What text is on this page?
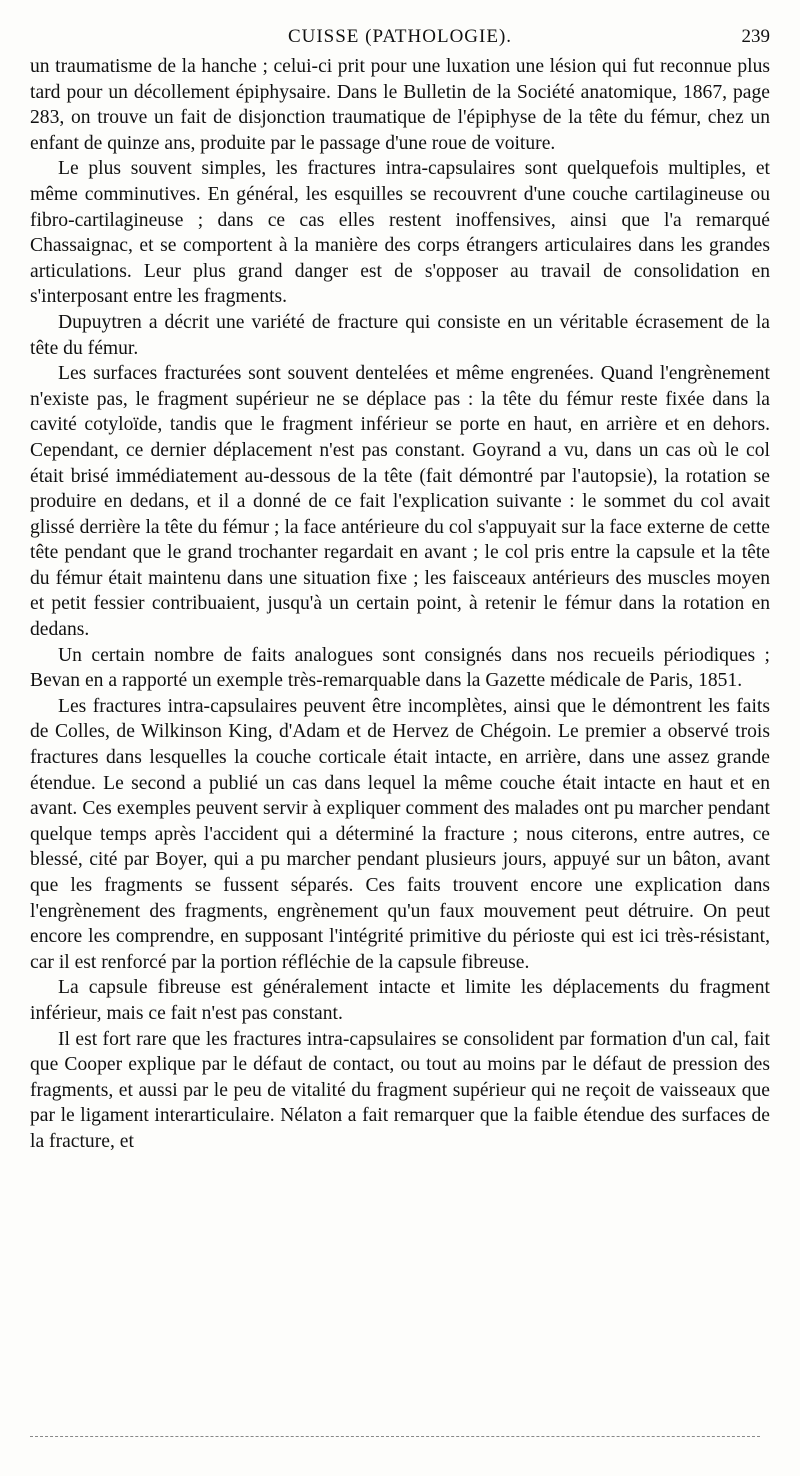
CUISSE (PATHOLOGIE).	239

un traumatisme de la hanche ; celui-ci prit pour une luxation une lésion qui fut reconnue plus tard pour un décollement épiphysaire. Dans le Bulletin de la Société anatomique, 1867, page 283, on trouve un fait de disjonction traumatique de l'épiphyse de la tête du fémur, chez un enfant de quinze ans, produite par le passage d'une roue de voiture.

Le plus souvent simples, les fractures intra-capsulaires sont quelquefois multiples, et même comminutives. En général, les esquilles se recouvrent d'une couche cartilagineuse ou fibro-cartilagineuse ; dans ce cas elles restent inoffensives, ainsi que l'a remarqué Chassaignac, et se comportent à la manière des corps étrangers articulaires dans les grandes articulations. Leur plus grand danger est de s'opposer au travail de consolidation en s'interposant entre les fragments.

Dupuytren a décrit une variété de fracture qui consiste en un véritable écrasement de la tête du fémur.

Les surfaces fracturées sont souvent dentelées et même engrenées. Quand l'engrènement n'existe pas, le fragment supérieur ne se déplace pas : la tête du fémur reste fixée dans la cavité cotyloïde, tandis que le fragment inférieur se porte en haut, en arrière et en dehors. Cependant, ce dernier déplacement n'est pas constant. Goyrand a vu, dans un cas où le col était brisé immédiatement au-dessous de la tête (fait démontré par l'autopsie), la rotation se produire en dedans, et il a donné de ce fait l'explication suivante : le sommet du col avait glissé derrière la tête du fémur ; la face antérieure du col s'appuyait sur la face externe de cette tête pendant que le grand trochanter regardait en avant ; le col pris entre la capsule et la tête du fémur était maintenu dans une situation fixe ; les faisceaux antérieurs des muscles moyen et petit fessier contribuaient, jusqu'à un certain point, à retenir le fémur dans la rotation en dedans.

Un certain nombre de faits analogues sont consignés dans nos recueils périodiques ; Bevan en a rapporté un exemple très-remarquable dans la Gazette médicale de Paris, 1851.

Les fractures intra-capsulaires peuvent être incomplètes, ainsi que le démontrent les faits de Colles, de Wilkinson King, d'Adam et de Hervez de Chégoin. Le premier a observé trois fractures dans lesquelles la couche corticale était intacte, en arrière, dans une assez grande étendue. Le second a publié un cas dans lequel la même couche était intacte en haut et en avant. Ces exemples peuvent servir à expliquer comment des malades ont pu marcher pendant quelque temps après l'accident qui a déterminé la fracture ; nous citerons, entre autres, ce blessé, cité par Boyer, qui a pu marcher pendant plusieurs jours, appuyé sur un bâton, avant que les fragments se fussent séparés. Ces faits trouvent encore une explication dans l'engrènement des fragments, engrènement qu'un faux mouvement peut détruire. On peut encore les comprendre, en supposant l'intégrité primitive du périoste qui est ici très-résistant, car il est renforcé par la portion réfléchie de la capsule fibreuse.

La capsule fibreuse est généralement intacte et limite les déplacements du fragment inférieur, mais ce fait n'est pas constant.

Il est fort rare que les fractures intra-capsulaires se consolident par formation d'un cal, fait que Cooper explique par le défaut de contact, ou tout au moins par le défaut de pression des fragments, et aussi par le peu de vitalité du fragment supérieur qui ne reçoit de vaisseaux que par le ligament interarticulaire. Nélaton a fait remarquer que la faible étendue des surfaces de la fracture, et
